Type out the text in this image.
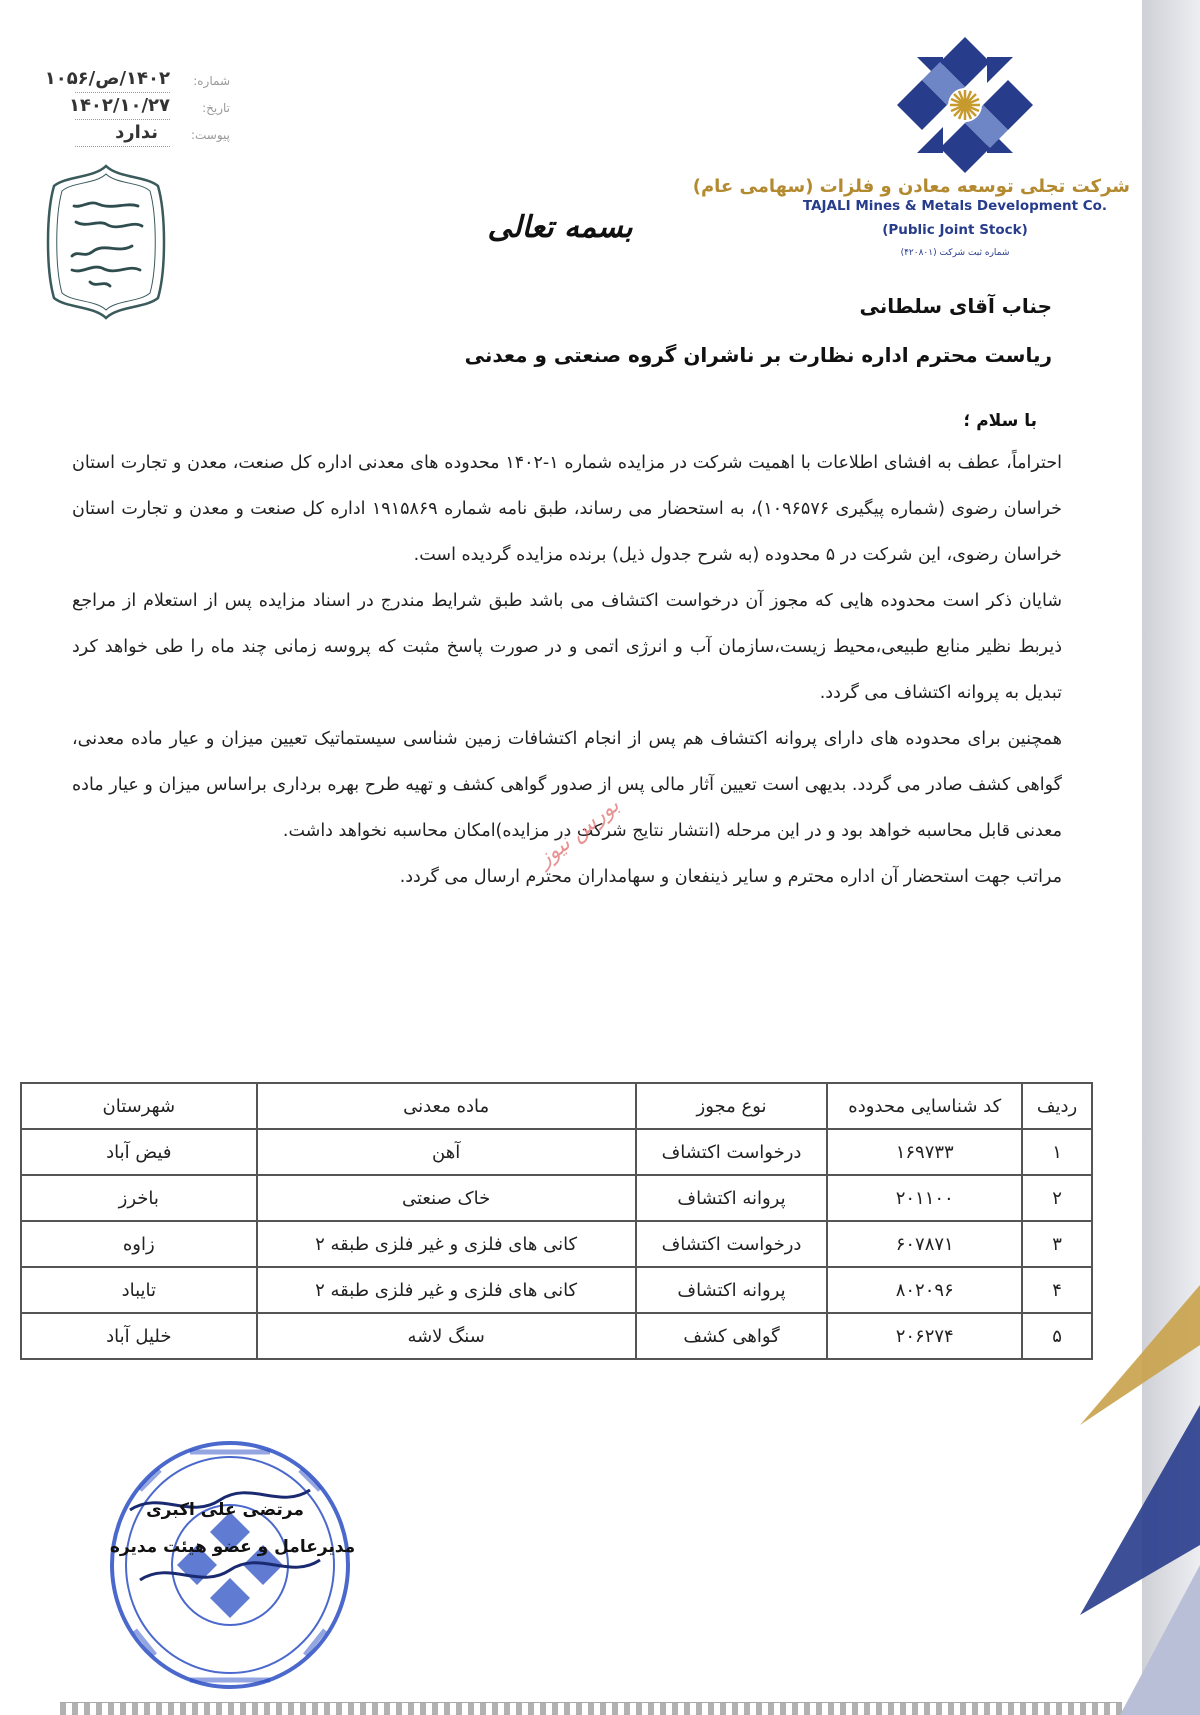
شرکت تجلی توسعه معادن و فلزات (سهامی عام)
TAJALI Mines & Metals Development Co.
(Public Joint Stock)
شماره ثبت شرکت (۴۲۰۸۰۱)
شماره:
۱۴۰۲/ص/۱۰۵۶
تاریخ:
۱۴۰۲/۱۰/۲۷
پیوست:
ندارد
بسمه تعالی
جناب آقای سلطانی
ریاست محترم اداره نظارت بر ناشران گروه صنعتی و معدنی
با سلام ؛

احتراماً، عطف به افشای اطلاعات با اهمیت شرکت در مزایده شماره ۱-۱۴۰۲ محدوده های معدنی اداره کل صنعت، معدن و تجارت استان خراسان رضوی (شماره پیگیری ۱۰۹۶۵۷۶)، به استحضار می رساند، طبق نامه شماره ۱۹۱۵۸۶۹ اداره کل صنعت و معدن و تجارت استان خراسان رضوی، این شرکت در ۵ محدوده (به شرح جدول ذیل) برنده مزایده گردیده است.

شایان ذکر است محدوده هایی که مجوز آن درخواست اکتشاف می باشد طبق شرایط مندرج در اسناد مزایده پس از استعلام از مراجع ذیربط نظیر منابع طبیعی،محیط زیست،سازمان آب و انرژی اتمی و در صورت پاسخ مثبت که پروسه زمانی چند ماه را طی خواهد کرد تبدیل به پروانه اکتشاف می گردد.

همچنین برای محدوده های دارای پروانه اکتشاف هم پس از انجام اکتشافات زمین شناسی سیستماتیک تعیین میزان و عیار ماده معدنی، گواهی کشف صادر می گردد. بدیهی است تعیین آثار مالی پس از صدور گواهی کشف و تهیه طرح بهره برداری براساس میزان و عیار ماده معدنی قابل محاسبه خواهد بود و در این مرحله (انتشار نتایج شرکت در مزایده)امکان محاسبه نخواهد داشت.

مراتب جهت استحضار آن اداره محترم و سایر ذینفعان و سهامداران محترم ارسال می گردد.

بورس نیوز
ردیف	کد شناسایی محدوده	نوع مجوز	ماده معدنی	شهرستان
۱	۱۶۹۷۳۳	درخواست اکتشاف	آهن	فیض آباد
۲	۲۰۱۱۰۰	پروانه اکتشاف	خاک صنعتی	باخرز
۳	۶۰۷۸۷۱	درخواست اکتشاف	کانی های فلزی و غیر فلزی طبقه ۲	زاوه
۴	۸۰۲۰۹۶	پروانه اکتشاف	کانی های فلزی و غیر فلزی طبقه ۲	تایباد
۵	۲۰۶۲۷۴	گواهی کشف	سنگ لاشه	خلیل آباد
مرتضی علی اکبری
مدیرعامل و عضو هیئت مدیره
